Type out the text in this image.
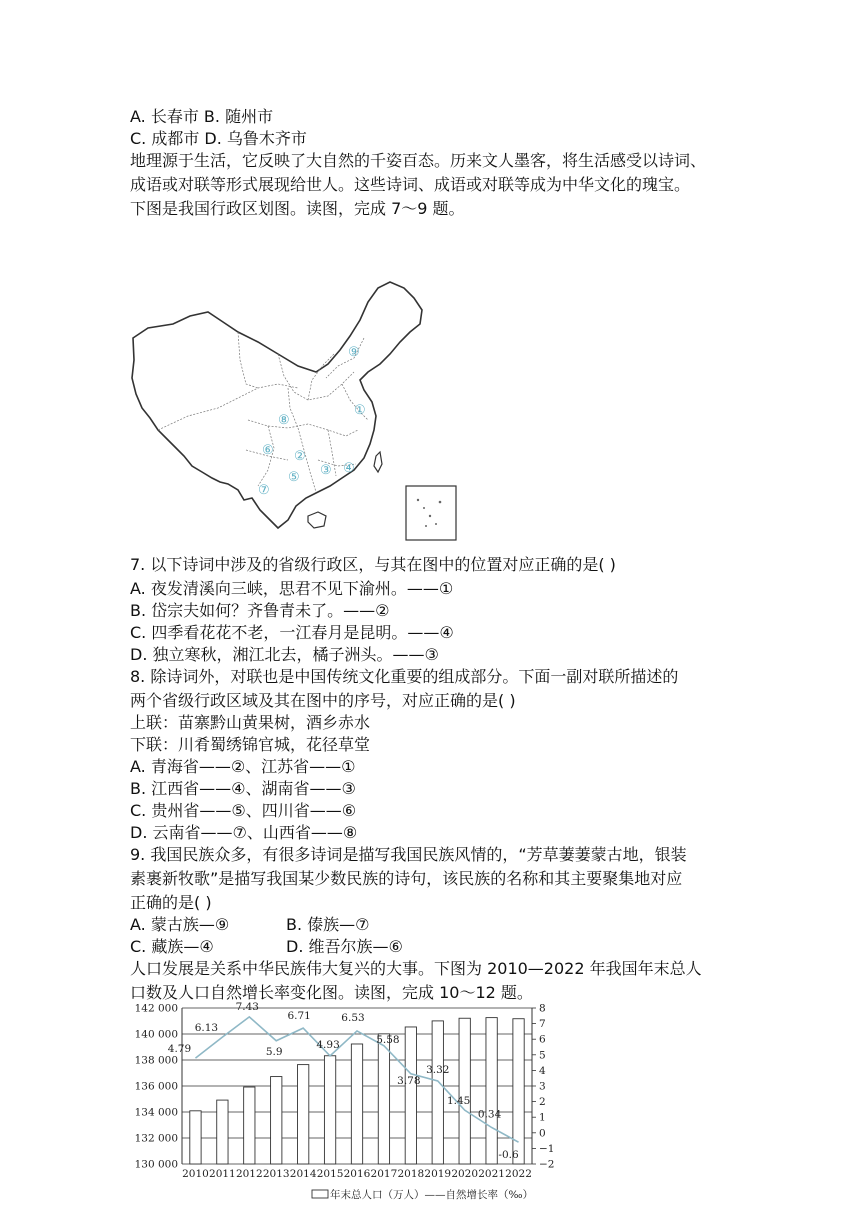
A. 长春市 B. 随州市
C. 成都市 D. 乌鲁木齐市
地理源于生活，它反映了大自然的千姿百态。历来文人墨客，将生活感受以诗词、
成语或对联等形式展现给世人。这些诗词、成语或对联等成为中华文化的瑰宝。
下图是我国行政区划图。读图，完成 7～9 题。
⑨
①
⑧
⑥ ②
③ ④
⑤
⑦
7. 以下诗词中涉及的省级行政区，与其在图中的位置对应正确的是( )
A. 夜发清溪向三峡，思君不见下渝州。——①
B. 岱宗夫如何？齐鲁青未了。——②
C. 四季看花花不老，一江春月是昆明。——④
D. 独立寒秋，湘江北去，橘子洲头。——③
8. 除诗词外，对联也是中国传统文化重要的组成部分。下面一副对联所描述的
两个省级行政区域及其在图中的序号，对应正确的是( )
上联：苗寨黔山黄果树，酒乡赤水
下联：川肴蜀绣锦官城，花径草堂
A. 青海省——②、江苏省——①
B. 江西省——④、湖南省——③
C. 贵州省——⑤、四川省——⑥
D. 云南省——⑦、山西省——⑧
9. 我国民族众多，有很多诗词是描写我国民族风情的，“芳草萋萋蒙古地，银装
素裹新牧歌”是描写我国某少数民族的诗句，该民族的名称和其主要聚集地对应
正确的是( )
A. 蒙古族—⑨	B. 傣族—⑦
C. 藏族—④	D. 维吾尔族—⑥
人口发展是关系中华民族伟大复兴的大事。下图为 2010—2022 年我国年末总人
口数及人口自然增长率变化图。读图，完成 10～12 题。
130 000
132 000
134 000
136 000
138 000
140 000
142 000
−2
−1
0
1
2
3
4
5
6
7
8
2010 2011 2012 2013 2014 2015 2016 2017 2018 2019 2020 2021 2022
4.79
6.13
7.43
5.9
6.71
4.93
6.53
5.58
3.78
3.32
1.45
0.34
-0.6
年末总人口（万人）——自然增长率（‰）
